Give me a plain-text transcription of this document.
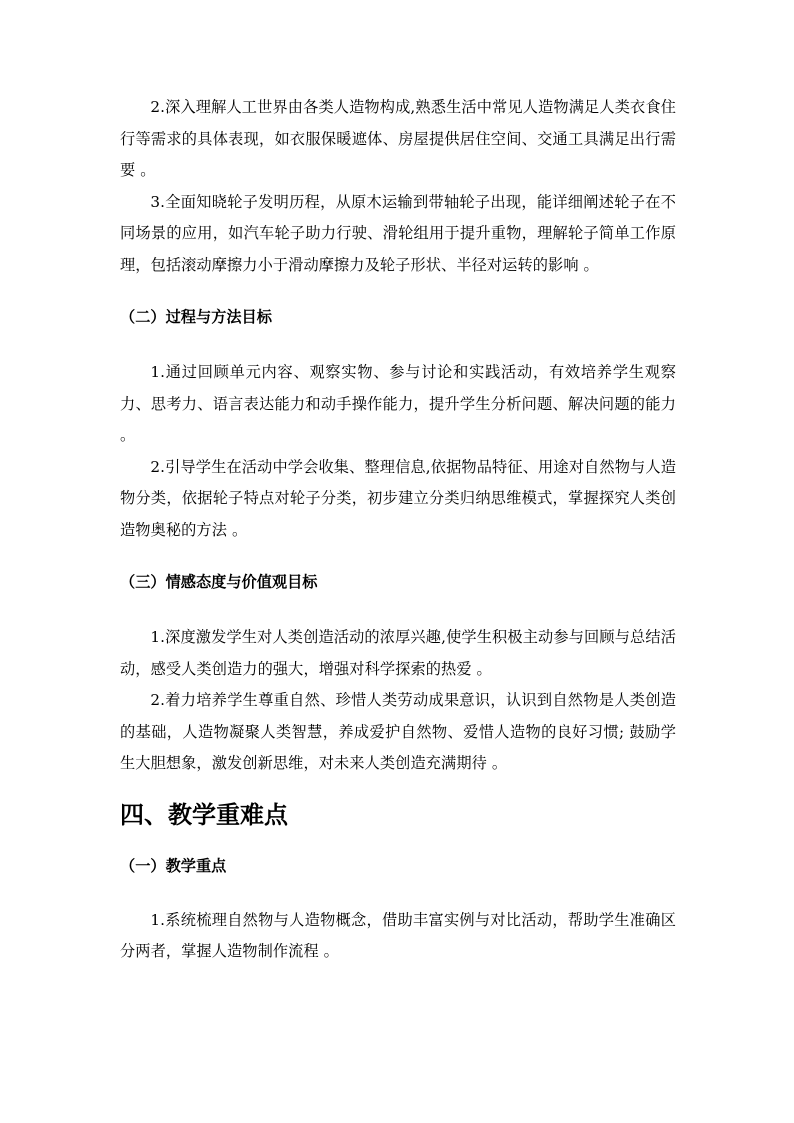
2.深入理解人工世界由各类人造物构成,熟悉生活中常见人造物满足人类衣食住行等需求的具体表现，如衣服保暖遮体、房屋提供居住空间、交通工具满足出行需要 。

3.全面知晓轮子发明历程，从原木运输到带轴轮子出现，能详细阐述轮子在不同场景的应用，如汽车轮子助力行驶、滑轮组用于提升重物，理解轮子简单工作原理，包括滚动摩擦力小于滑动摩擦力及轮子形状、半径对运转的影响 。

（二）过程与方法目标

1.通过回顾单元内容、观察实物、参与讨论和实践活动，有效培养学生观察力、思考力、语言表达能力和动手操作能力，提升学生分析问题、解决问题的能力 。

2.引导学生在活动中学会收集、整理信息,依据物品特征、用途对自然物与人造物分类，依据轮子特点对轮子分类，初步建立分类归纳思维模式，掌握探究人类创造物奥秘的方法 。

（三）情感态度与价值观目标

1.深度激发学生对人类创造活动的浓厚兴趣,使学生积极主动参与回顾与总结活动，感受人类创造力的强大，增强对科学探索的热爱 。

2.着力培养学生尊重自然、珍惜人类劳动成果意识，认识到自然物是人类创造的基础，人造物凝聚人类智慧，养成爱护自然物、爱惜人造物的良好习惯; 鼓励学生大胆想象，激发创新思维，对未来人类创造充满期待 。

四、教学重难点

（一）教学重点

1.系统梳理自然物与人造物概念，借助丰富实例与对比活动，帮助学生准确区分两者，掌握人造物制作流程 。
